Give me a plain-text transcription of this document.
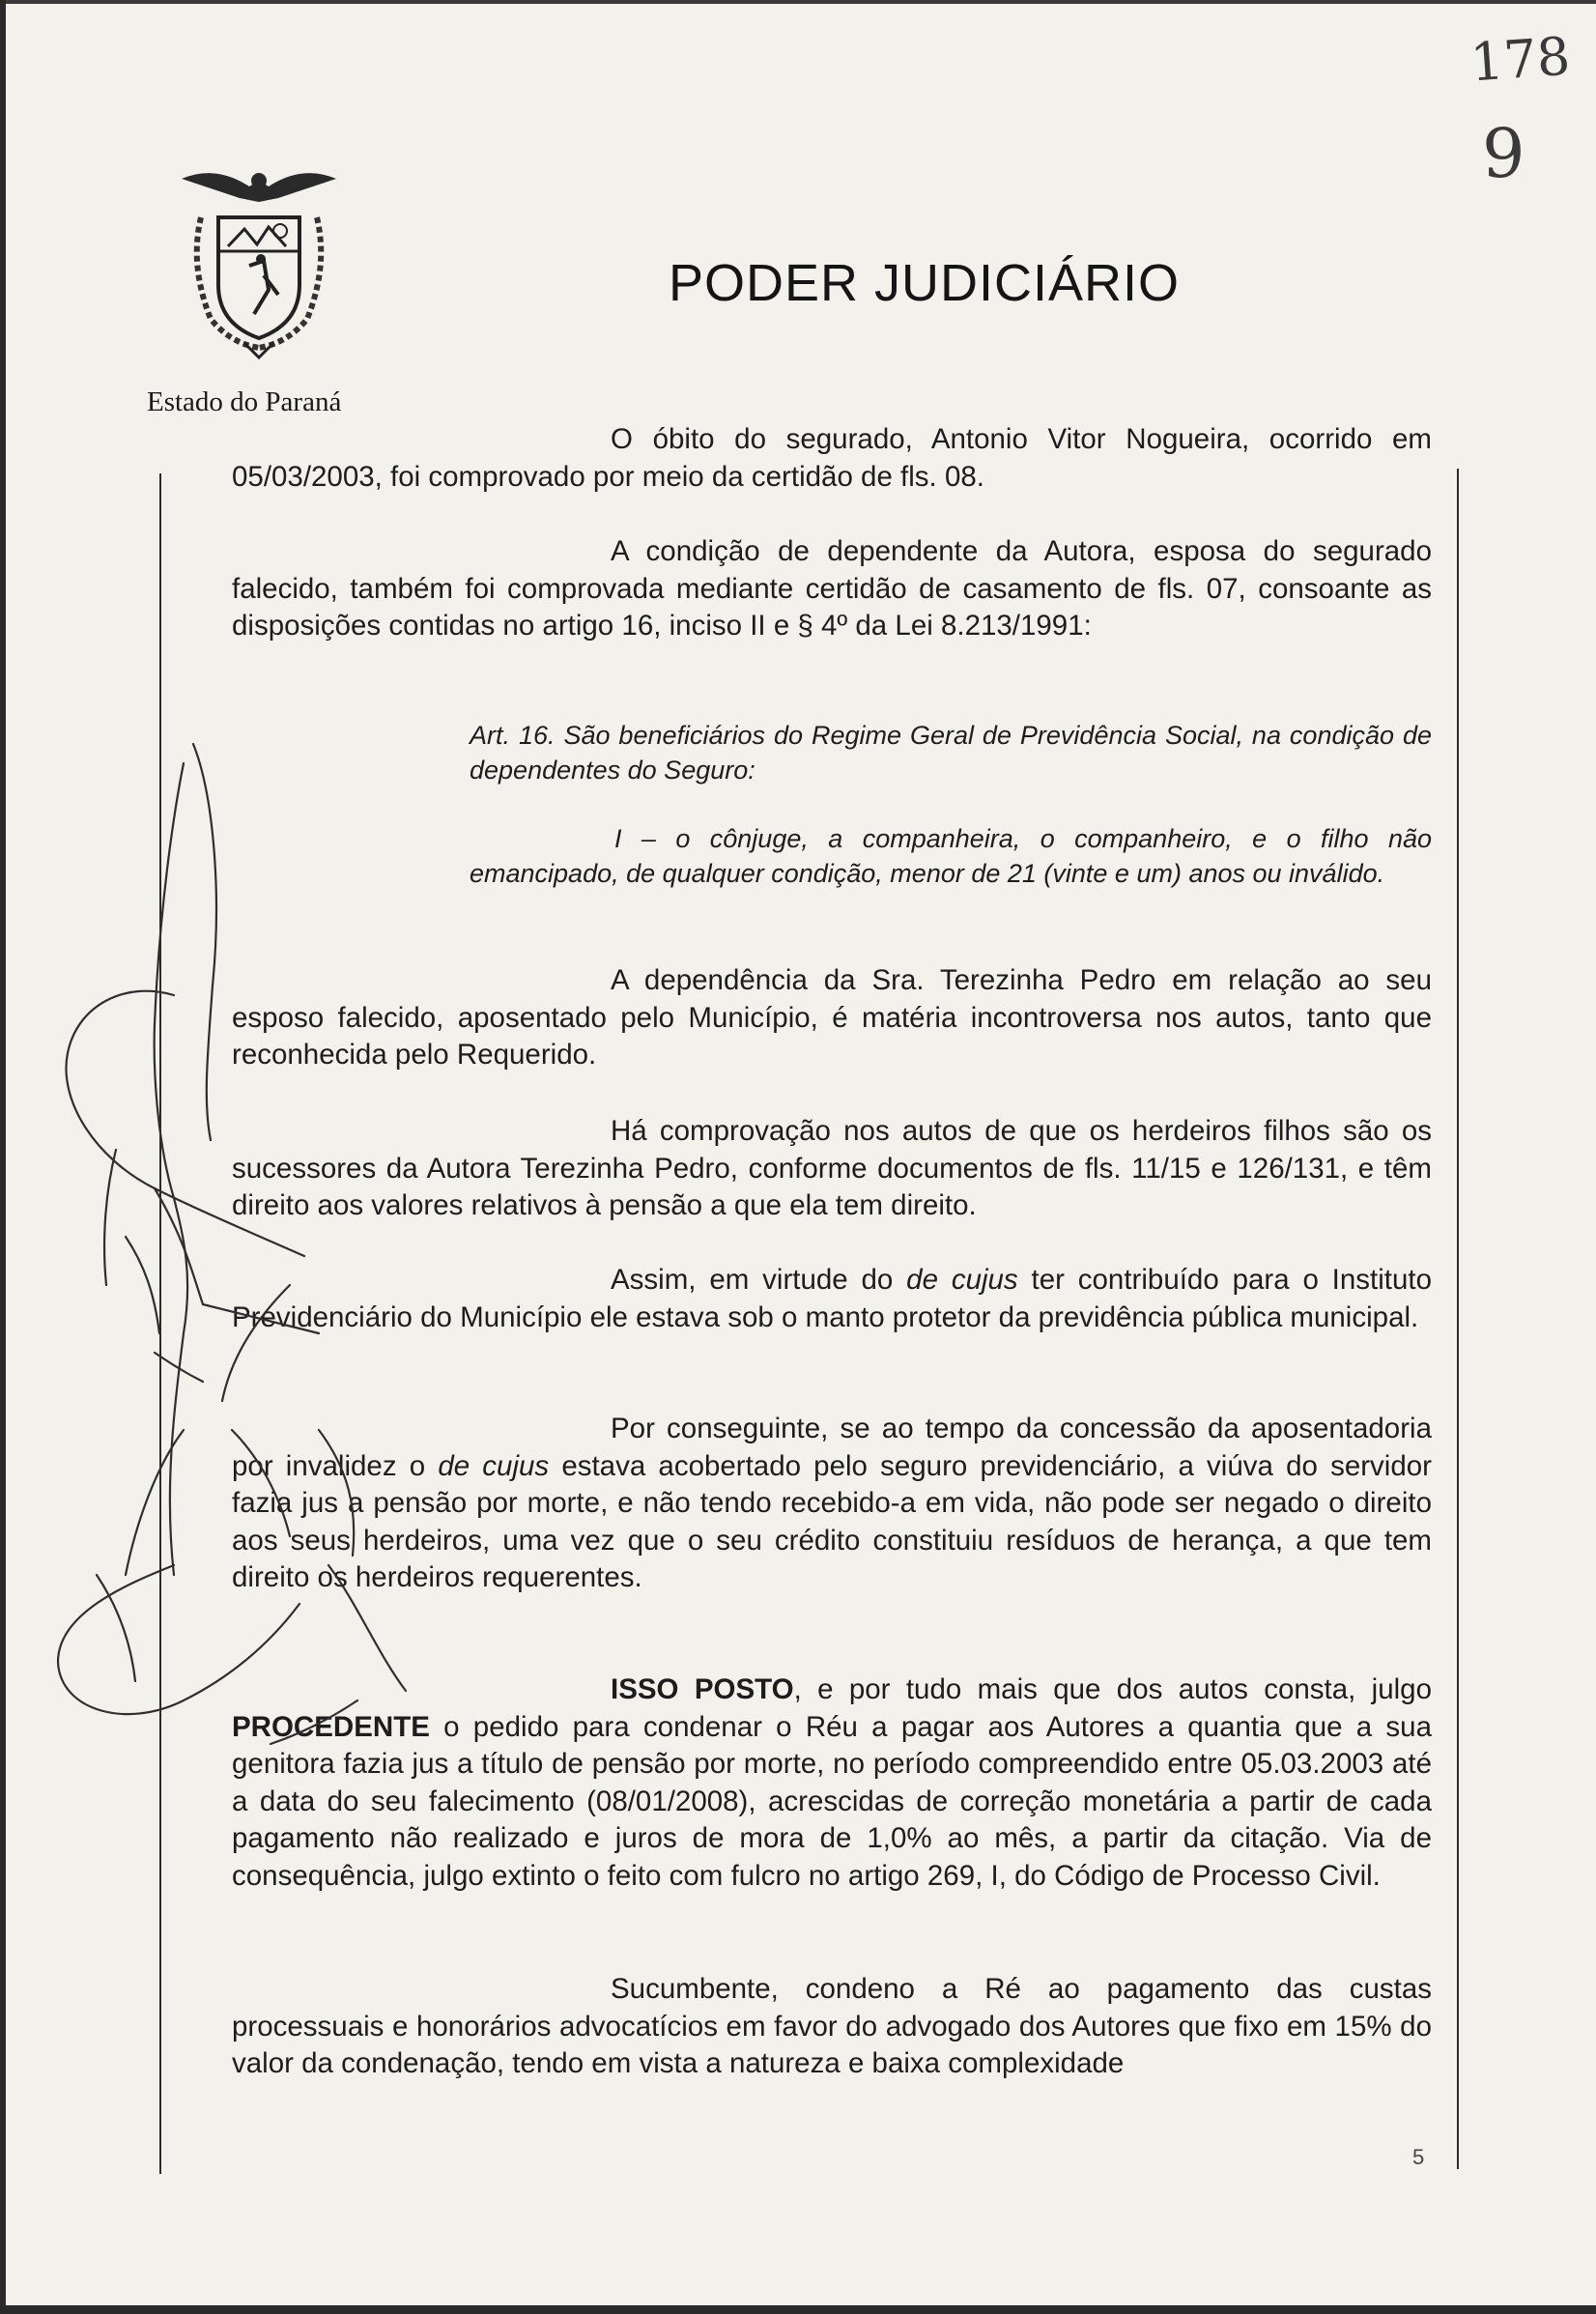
PODER JUDICIÁRIO
Estado do Paraná
178
9

O óbito do segurado, Antonio Vitor Nogueira, ocorrido em 05/03/2003, foi comprovado por meio da certidão de fls. 08.

A condição de dependente da Autora, esposa do segurado falecido, também foi comprovada mediante certidão de casamento de fls. 07, consoante as disposições contidas no artigo 16, inciso II e § 4º da Lei 8.213/1991:

Art. 16. São beneficiários do Regime Geral de Previdência Social, na condição de dependentes do Seguro:

I – o cônjuge, a companheira, o companheiro, e o filho não emancipado, de qualquer condição, menor de 21 (vinte e um) anos ou inválido.

A dependência da Sra. Terezinha Pedro em relação ao seu esposo falecido, aposentado pelo Município, é matéria incontroversa nos autos, tanto que reconhecida pelo Requerido.

Há comprovação nos autos de que os herdeiros filhos são os sucessores da Autora Terezinha Pedro, conforme documentos de fls. 11/15 e 126/131, e têm direito aos valores relativos à pensão a que ela tem direito.

Assim, em virtude do de cujus ter contribuído para o Instituto Previdenciário do Município ele estava sob o manto protetor da previdência pública municipal.

Por conseguinte, se ao tempo da concessão da aposentadoria por invalidez o de cujus estava acobertado pelo seguro previdenciário, a viúva do servidor fazia jus a pensão por morte, e não tendo recebido-a em vida, não pode ser negado o direito aos seus herdeiros, uma vez que o seu crédito constituiu resíduos de herança, a que tem direito os herdeiros requerentes.

ISSO POSTO, e por tudo mais que dos autos consta, julgo PROCEDENTE o pedido para condenar o Réu a pagar aos Autores a quantia que a sua genitora fazia jus a título de pensão por morte, no período compreendido entre 05.03.2003 até a data do seu falecimento (08/01/2008), acrescidas de correção monetária a partir de cada pagamento não realizado e juros de mora de 1,0% ao mês, a partir da citação. Via de consequência, julgo extinto o feito com fulcro no artigo 269, I, do Código de Processo Civil.

Sucumbente, condeno a Ré ao pagamento das custas processuais e honorários advocatícios em favor do advogado dos Autores que fixo em 15% do valor da condenação, tendo em vista a natureza e baixa complexidade

5
